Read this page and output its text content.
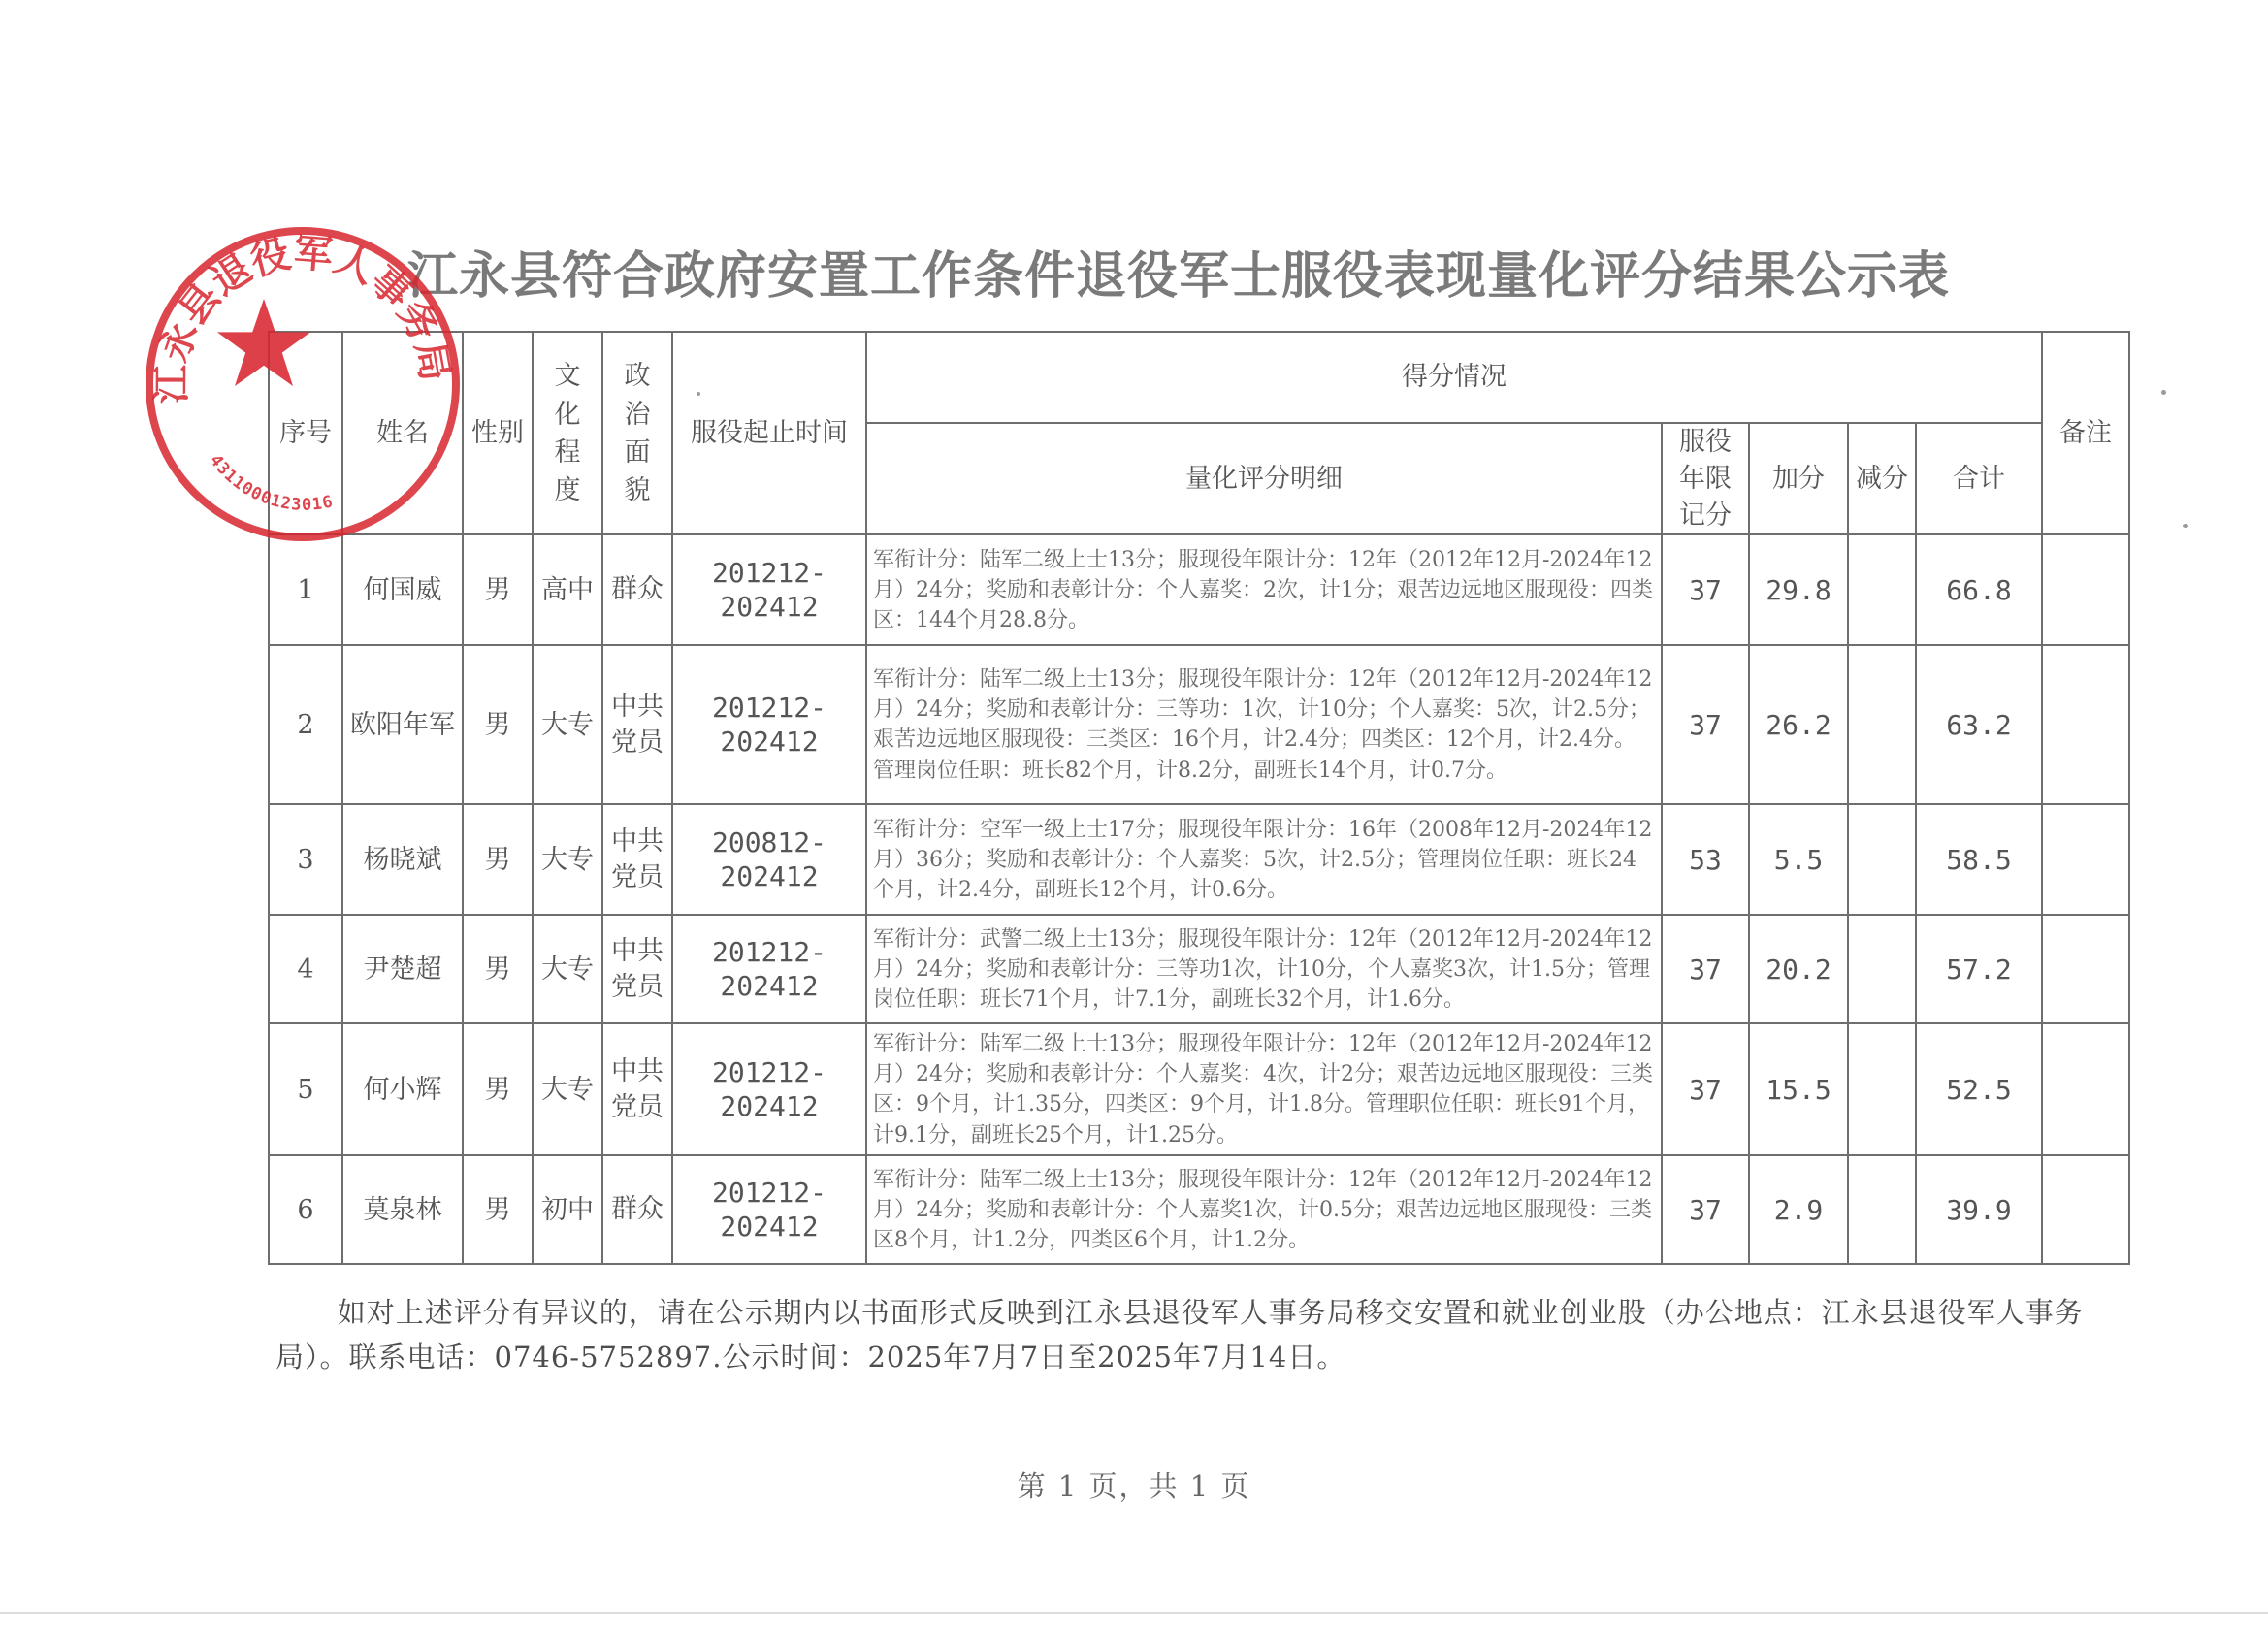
江永县符合政府安置工作条件退役军士服役表现量化评分结果公示表
序号	姓名	性别	文化程度	政治面貌	服役起止时间	得分情况					备注
						量化评分明细	服役年限记分	加分	减分	合计	
1	何国威	男	高中	群众	201212-
202412	军衔计分：陆军二级上士13分；服现役年限计分：12年（2012年12月-2024年12月）24分；奖励和表彰计分：个人嘉奖：2次，计1分；艰苦边远地区服现役：四类区：144个月28.8分。	37	29.8		66.8	
2	欧阳年军	男	大专	中共党员	201212-
202412	军衔计分：陆军二级上士13分；服现役年限计分：12年（2012年12月-2024年12月）24分；奖励和表彰计分：三等功：1次，计10分；个人嘉奖：5次，计2.5分；艰苦边远地区服现役：三类区：16个月，计2.4分；四类区：12个月，计2.4分。管理岗位任职：班长82个月，计8.2分，副班长14个月，计0.7分。	37	26.2		63.2	
3	杨晓斌	男	大专	中共党员	200812-
202412	军衔计分：空军一级上士17分；服现役年限计分：16年（2008年12月-2024年12月）36分；奖励和表彰计分：个人嘉奖：5次，计2.5分；管理岗位任职：班长24个月，计2.4分，副班长12个月，计0.6分。	53	5.5		58.5	
4	尹楚超	男	大专	中共党员	201212-
202412	军衔计分：武警二级上士13分；服现役年限计分：12年（2012年12月-2024年12月）24分；奖励和表彰计分：三等功1次，计10分，个人嘉奖3次，计1.5分；管理岗位任职：班长71个月，计7.1分，副班长32个月，计1.6分。	37	20.2		57.2	
5	何小辉	男	大专	中共党员	201212-
202412	军衔计分：陆军二级上士13分；服现役年限计分：12年（2012年12月-2024年12月）24分；奖励和表彰计分：个人嘉奖：4次，计2分；艰苦边远地区服现役：三类区：9个月，计1.35分，四类区：9个月，计1.8分。管理职位任职：班长91个月，计9.1分，副班长25个月，计1.25分。	37	15.5		52.5	
6	莫泉林	男	初中	群众	201212-
202412	军衔计分：陆军二级上士13分；服现役年限计分：12年（2012年12月-2024年12月）24分；奖励和表彰计分：个人嘉奖1次，计0.5分；艰苦边远地区服现役：三类区8个月，计1.2分，四类区6个月，计1.2分。	37	2.9		39.9	
江永县退役军人事务局
4311000123016
如对上述评分有异议的，请在公示期内以书面形式反映到江永县退役军人事务局移交安置和就业创业股（办公地点：江永县退役军人事务局）。联系电话：0746-5752897.公示时间：2025年7月7日至2025年7月14日。
第 1 页，共 1 页
